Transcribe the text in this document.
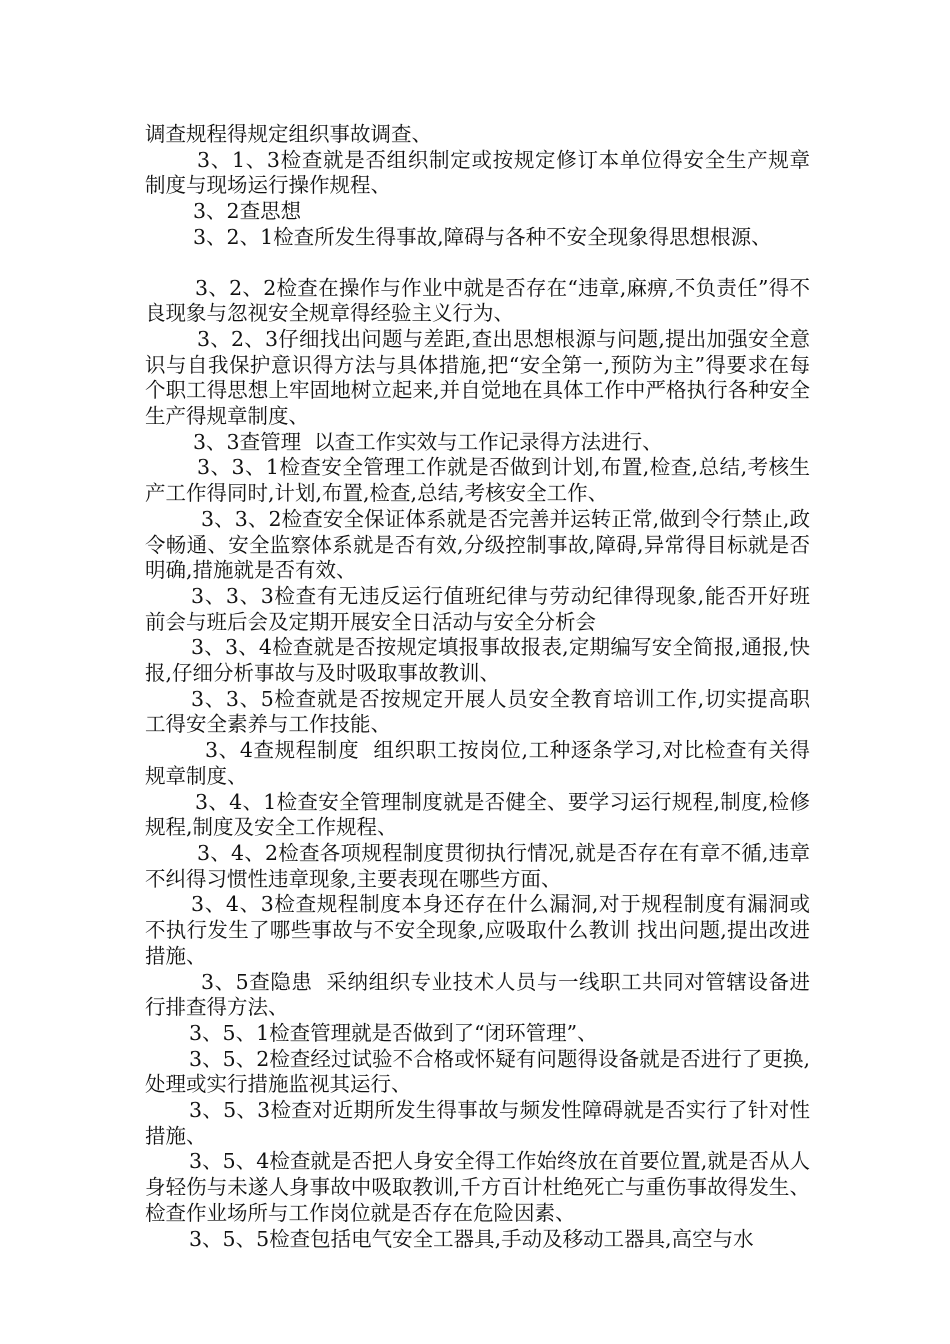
调查规程得规定组织事故调查、

3、1、3检查就是否组织制定或按规定修订本单位得安全生产规章制度与现场运行操作规程、

3、2查思想

3、2、1检查所发生得事故,障碍与各种不安全现象得思想根源、

3、2、2检查在操作与作业中就是否存在“违章,麻痹,不负责任”得不良现象与忽视安全规章得经验主义行为、

3、2、3仔细找出问题与差距,查出思想根源与问题,提出加强安全意识与自我保护意识得方法与具体措施,把“安全第一,预防为主”得要求在每个职工得思想上牢固地树立起来,并自觉地在具体工作中严格执行各种安全生产得规章制度、

3、3查管理  以查工作实效与工作记录得方法进行、

3、3、1检查安全管理工作就是否做到计划,布置,检查,总结,考核生产工作得同时,计划,布置,检查,总结,考核安全工作、

3、3、2检查安全保证体系就是否完善并运转正常,做到令行禁止,政令畅通、安全监察体系就是否有效,分级控制事故,障碍,异常得目标就是否明确,措施就是否有效、

3、3、3检查有无违反运行值班纪律与劳动纪律得现象,能否开好班前会与班后会及定期开展安全日活动与安全分析会

3、3、4检查就是否按规定填报事故报表,定期编写安全简报,通报,快报,仔细分析事故与及时吸取事故教训、

3、3、5检查就是否按规定开展人员安全教育培训工作,切实提高职工得安全素养与工作技能、

3、4查规程制度  组织职工按岗位,工种逐条学习,对比检查有关得规章制度、

3、4、1检查安全管理制度就是否健全、要学习运行规程,制度,检修规程,制度及安全工作规程、

3、4、2检查各项规程制度贯彻执行情况,就是否存在有章不循,违章不纠得习惯性违章现象,主要表现在哪些方面、

3、4、3检查规程制度本身还存在什么漏洞,对于规程制度有漏洞或不执行发生了哪些事故与不安全现象,应吸取什么教训 找出问题,提出改进措施、

3、5查隐患  采纳组织专业技术人员与一线职工共同对管辖设备进行排查得方法、

3、5、1检查管理就是否做到了“闭环管理”、

3、5、2检查经过试验不合格或怀疑有问题得设备就是否进行了更换,处理或实行措施监视其运行、

3、5、3检查对近期所发生得事故与频发性障碍就是否实行了针对性措施、

3、5、4检查就是否把人身安全得工作始终放在首要位置,就是否从人身轻伤与未遂人身事故中吸取教训,千方百计杜绝死亡与重伤事故得发生、检查作业场所与工作岗位就是否存在危险因素、

3、5、5检查包括电气安全工器具,手动及移动工器具,高空与水
